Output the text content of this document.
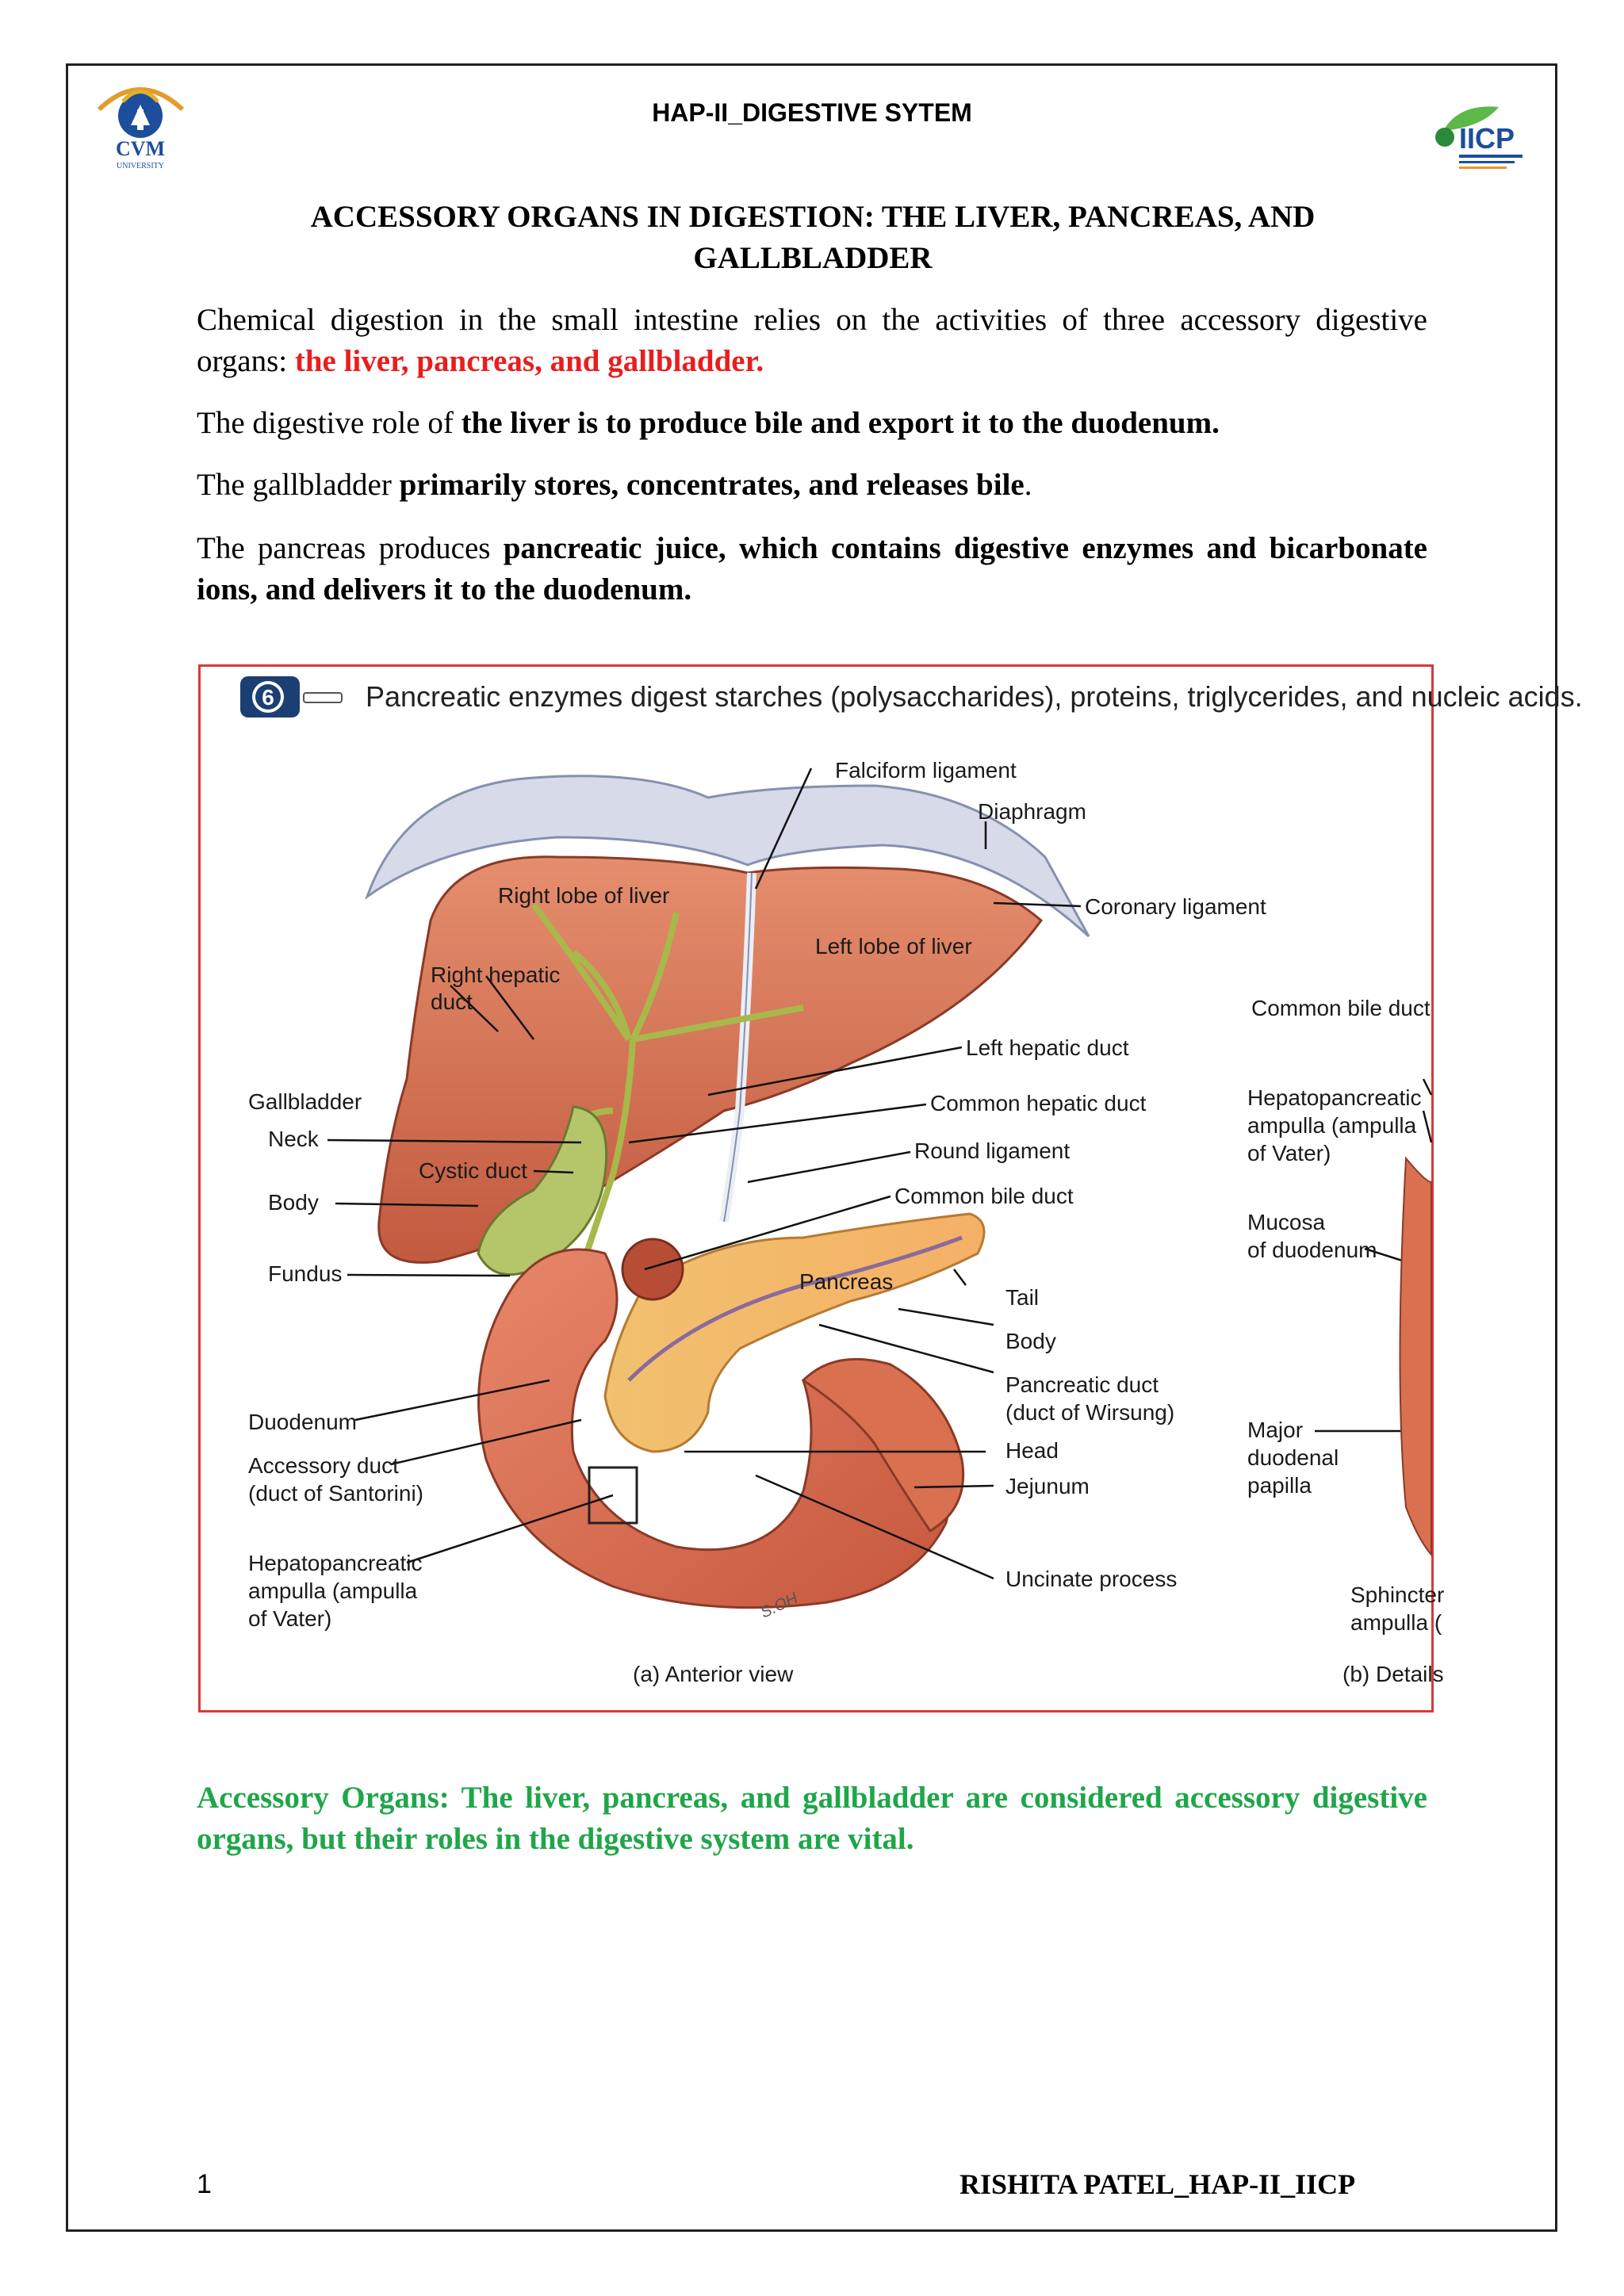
CVM
UNIVERSITY
IICP
HAP-II_DIGESTIVE SYTEM
ACCESSORY ORGANS IN DIGESTION: THE LIVER, PANCREAS, AND GALLBLADDER
Chemical digestion in the small intestine relies on the activities of three accessory digestive organs: the liver, pancreas, and gallbladder.
The digestive role of the liver is to produce bile and export it to the duodenum.
The gallbladder primarily stores, concentrates, and releases bile.
The pancreas produces pancreatic juice, which contains digestive enzymes and bicarbonate ions, and delivers it to the duodenum.
6	Pancreatic enzymes digest starches (polysaccharides), proteins, triglycerides, and nucleic acids.
Falciform ligament
Diaphragm
Coronary ligament
Right lobe of liver
Left lobe of liver
Right hepatic
duct
Left hepatic duct
Common hepatic duct
Round ligament
Common bile duct
Gallbladder
Neck
Cystic duct
Body
Fundus	Pancreas
Tail
Body
Pancreatic duct
(duct of Wirsung)
Head
Jejunum
Uncinate process
Duodenum
Accessory duct
(duct of Santorini)
Hepatopancreatic
ampulla (ampulla
of Vater)
(a) Anterior view
Common bile duct
Hepatopancreatic
ampulla (ampulla
of Vater)
Mucosa
of duodenum
Major
duodenal
papilla
Sphincter
ampulla (
(b) Details
S.OH
Accessory Organs: The liver, pancreas, and gallbladder are considered accessory digestive organs, but their roles in the digestive system are vital.
1	RISHITA PATEL_HAP-II_IICP
